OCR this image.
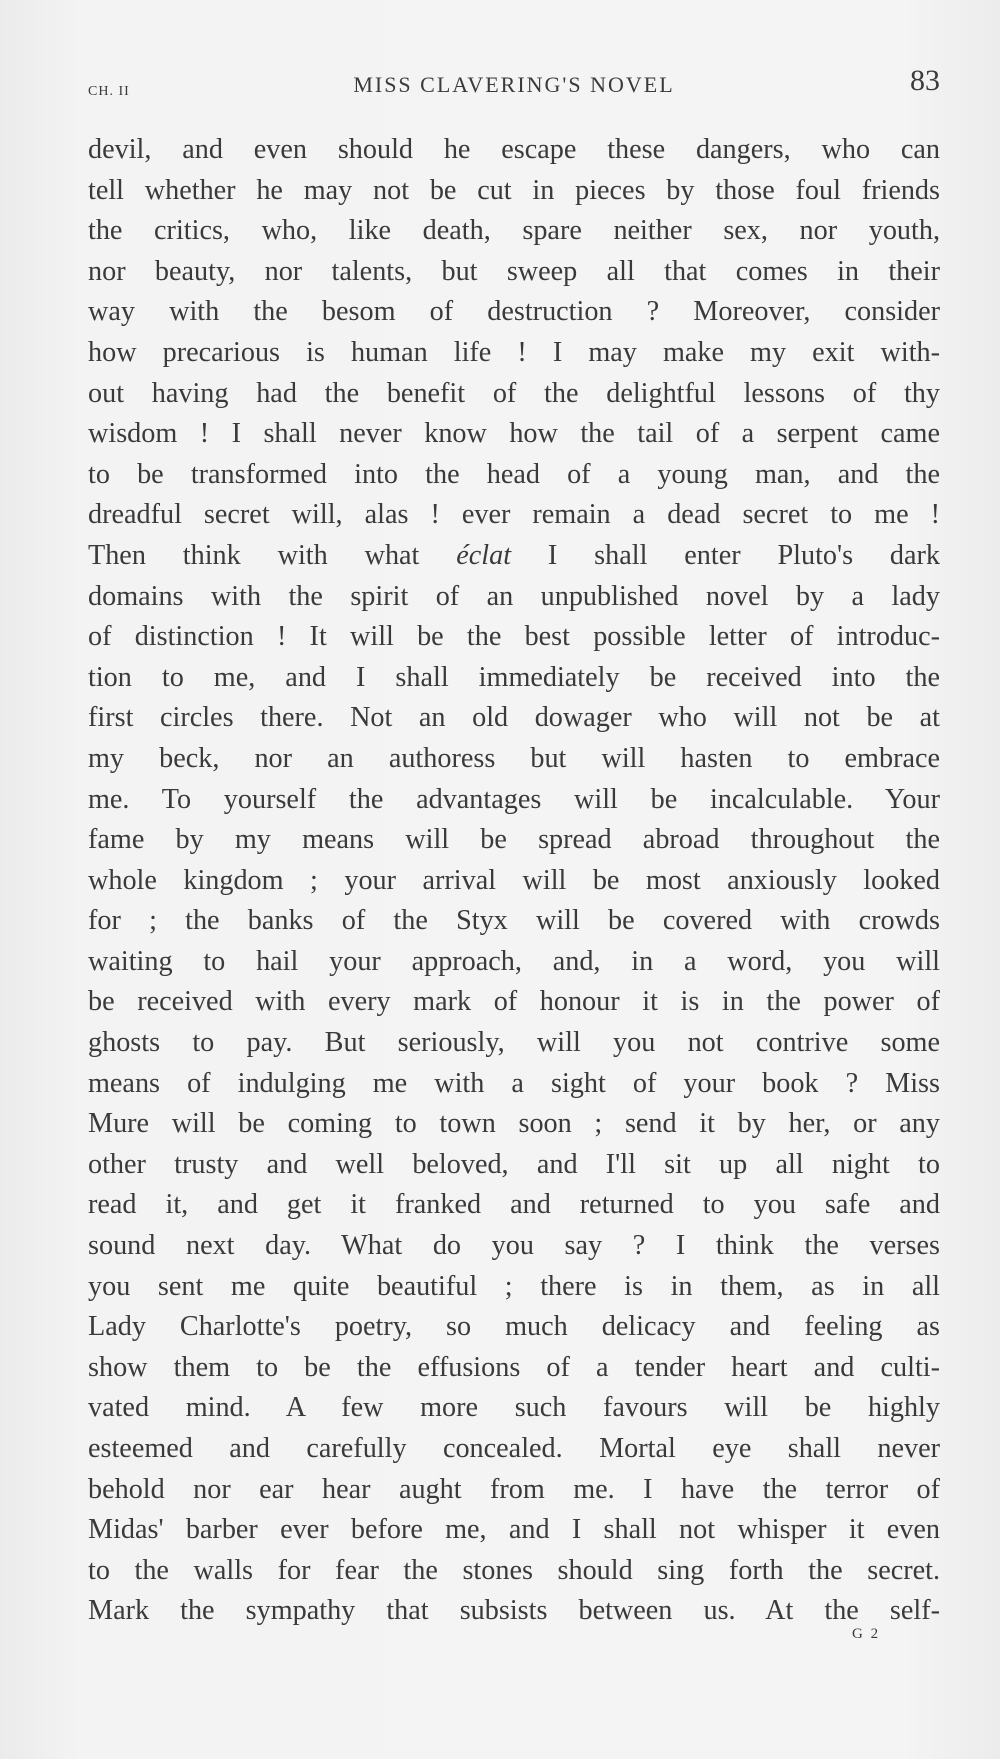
CH. II	MISS CLAVERING'S NOVEL	83
devil, and even should he escape these dangers, who can
tell whether he may not be cut in pieces by those foul friends
the critics, who, like death, spare neither sex, nor youth,
nor beauty, nor talents, but sweep all that comes in their
way with the besom of destruction ? Moreover, consider
how precarious is human life ! I may make my exit with-
out having had the benefit of the delightful lessons of thy
wisdom ! I shall never know how the tail of a serpent came
to be transformed into the head of a young man, and the
dreadful secret will, alas ! ever remain a dead secret to me !
Then think with what éclat I shall enter Pluto's dark
domains with the spirit of an unpublished novel by a lady
of distinction ! It will be the best possible letter of introduc-
tion to me, and I shall immediately be received into the
first circles there. Not an old dowager who will not be at
my beck, nor an authoress but will hasten to embrace
me. To yourself the advantages will be incalculable. Your
fame by my means will be spread abroad throughout the
whole kingdom ; your arrival will be most anxiously looked
for ; the banks of the Styx will be covered with crowds
waiting to hail your approach, and, in a word, you will
be received with every mark of honour it is in the power of
ghosts to pay. But seriously, will you not contrive some
means of indulging me with a sight of your book ? Miss
Mure will be coming to town soon ; send it by her, or any
other trusty and well beloved, and I'll sit up all night to
read it, and get it franked and returned to you safe and
sound next day. What do you say ? I think the verses
you sent me quite beautiful ; there is in them, as in all
Lady Charlotte's poetry, so much delicacy and feeling as
show them to be the effusions of a tender heart and culti-
vated mind. A few more such favours will be highly
esteemed and carefully concealed. Mortal eye shall never
behold nor ear hear aught from me. I have the terror of
Midas' barber ever before me, and I shall not whisper it even
to the walls for fear the stones should sing forth the secret.
Mark the sympathy that subsists between us. At the self-
G 2
